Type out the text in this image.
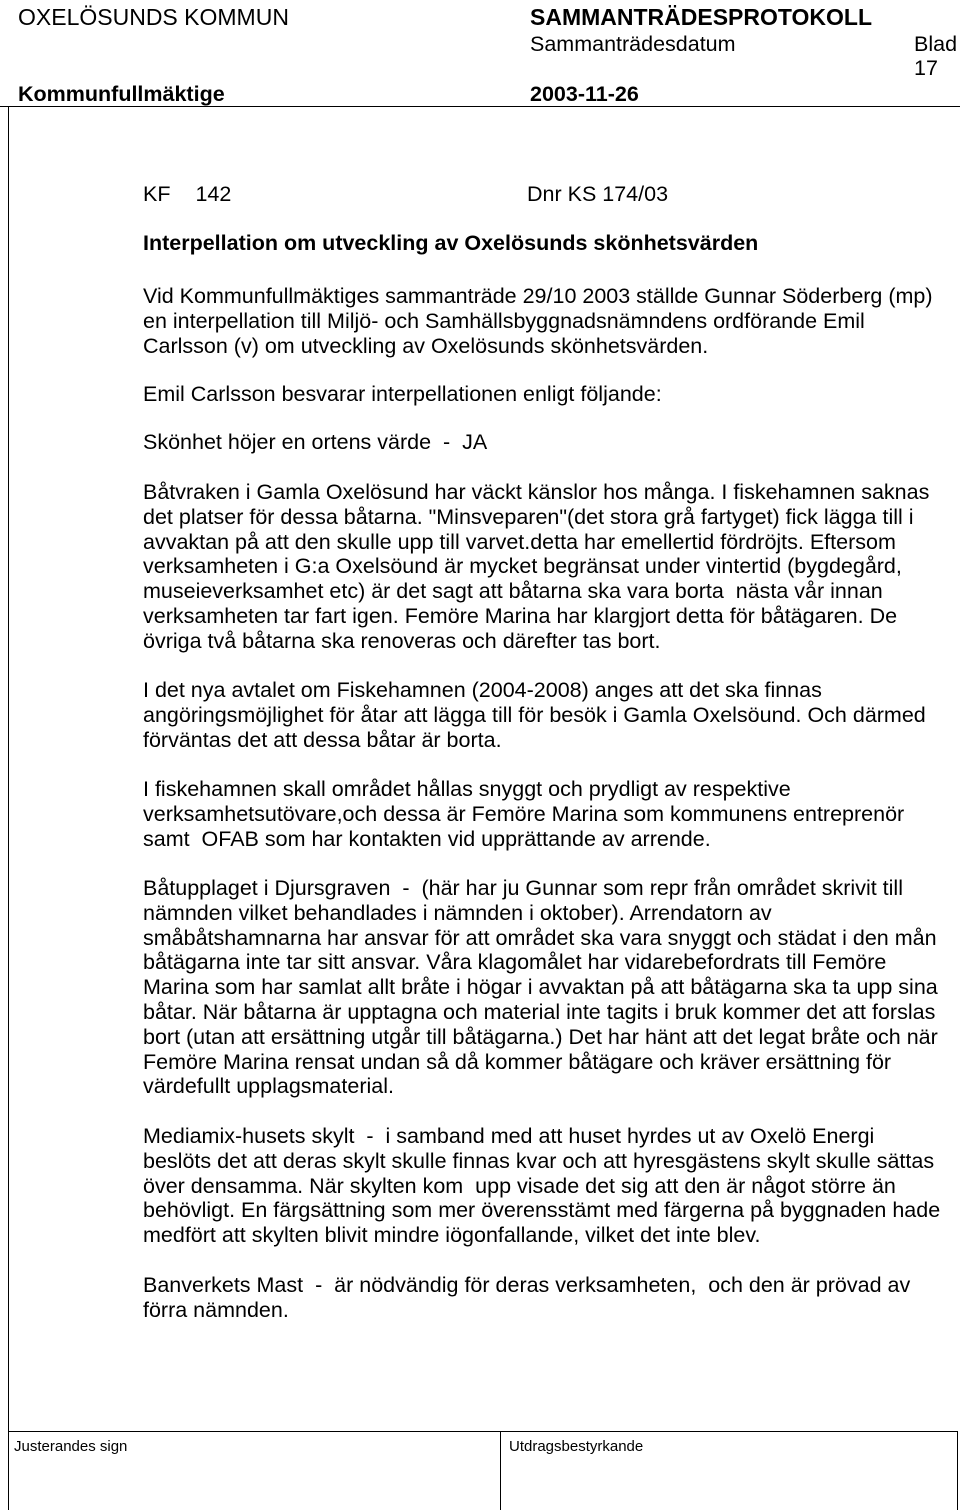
OXELÖSUNDS KOMMUN	SAMMANTRÄDESPROTOKOLL
Sammanträdesdatum	Blad
17
Kommunfullmäktige	2003-11-26
KF 142	Dnr KS 174/03
Interpellation om utveckling av Oxelösunds skönhetsvärden
Vid Kommunfullmäktiges sammanträde 29/10 2003 ställde Gunnar Söderberg (mp)
en interpellation till Miljö- och Samhällsbyggnadsnämndens ordförande Emil
Carlsson (v) om utveckling av Oxelösunds skönhetsvärden.
Emil Carlsson besvarar interpellationen enligt följande:
Skönhet höjer en ortens värde  -  JA
Båtvraken i Gamla Oxelösund har väckt känslor hos många. I fiskehamnen saknas
det platser för dessa båtarna. "Minsveparen"(det stora grå fartyget) fick lägga till i
avvaktan på att den skulle upp till varvet.detta har emellertid fördröjts. Eftersom
verksamheten i G:a Oxelsöund är mycket begränsat under vintertid (bygdegård,
museieverksamhet etc) är det sagt att båtarna ska vara borta  nästa vår innan
verksamheten tar fart igen. Femöre Marina har klargjort detta för båtägaren. De
övriga två båtarna ska renoveras och därefter tas bort.
I det nya avtalet om Fiskehamnen (2004-2008) anges att det ska finnas
angöringsmöjlighet för åtar att lägga till för besök i Gamla Oxelsöund. Och därmed
förväntas det att dessa båtar är borta.
I fiskehamnen skall området hållas snyggt och prydligt av respektive
verksamhetsutövare,och dessa är Femöre Marina som kommunens entreprenör
samt  OFAB som har kontakten vid upprättande av arrende.
Båtupplaget i Djursgraven  -  (här har ju Gunnar som repr från området skrivit till
nämnden vilket behandlades i nämnden i oktober). Arrendatorn av
småbåtshamnarna har ansvar för att området ska vara snyggt och städat i den mån
båtägarna inte tar sitt ansvar. Våra klagomålet har vidarebefordrats till Femöre
Marina som har samlat allt bråte i högar i avvaktan på att båtägarna ska ta upp sina
båtar. När båtarna är upptagna och material inte tagits i bruk kommer det att forslas
bort (utan att ersättning utgår till båtägarna.) Det har hänt att det legat bråte och när
Femöre Marina rensat undan så då kommer båtägare och kräver ersättning för
värdefullt upplagsmaterial.
Mediamix-husets skylt  -  i samband med att huset hyrdes ut av Oxelö Energi
beslöts det att deras skylt skulle finnas kvar och att hyresgästens skylt skulle sättas
över densamma. När skylten kom  upp visade det sig att den är något större än
behövligt. En färgsättning som mer överensstämt med färgerna på byggnaden hade
medfört att skylten blivit mindre iögonfallande, vilket det inte blev.
Banverkets Mast  -  är nödvändig för deras verksamheten,  och den är prövad av
förra nämnden.
Justerandes sign	Utdragsbestyrkande
